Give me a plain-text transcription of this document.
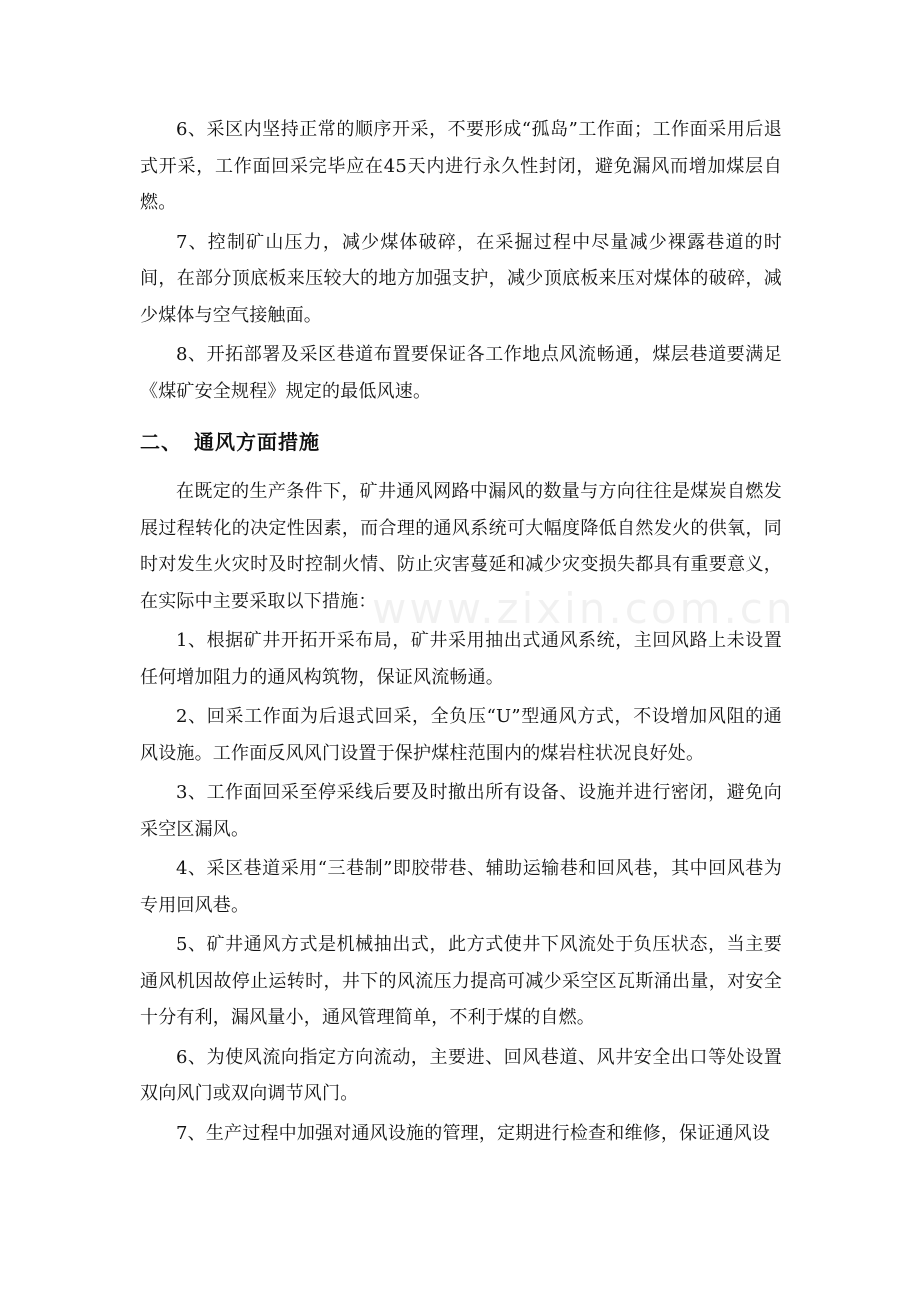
www.zixin.com.cn

6、采区内坚持正常的顺序开采，不要形成“孤岛”工作面；工作面采用后退式开采，工作面回采完毕应在45天内进行永久性封闭，避免漏风而增加煤层自燃。

7、控制矿山压力，减少煤体破碎，在采掘过程中尽量减少裸露巷道的时间，在部分顶底板来压较大的地方加强支护，减少顶底板来压对煤体的破碎，减少煤体与空气接触面。

8、开拓部署及采区巷道布置要保证各工作地点风流畅通，煤层巷道要满足《煤矿安全规程》规定的最低风速。

二、 通风方面措施

在既定的生产条件下，矿井通风网路中漏风的数量与方向往往是煤炭自燃发展过程转化的决定性因素，而合理的通风系统可大幅度降低自然发火的供氧，同时对发生火灾时及时控制火情、防止灾害蔓延和减少灾变损失都具有重要意义，在实际中主要采取以下措施：

1、根据矿井开拓开采布局，矿井采用抽出式通风系统，主回风路上未设置任何增加阻力的通风构筑物，保证风流畅通。

2、回采工作面为后退式回采，全负压“U”型通风方式，不设增加风阻的通风设施。工作面反风风门设置于保护煤柱范围内的煤岩柱状况良好处。

3、工作面回采至停采线后要及时撤出所有设备、设施并进行密闭，避免向采空区漏风。

4、采区巷道采用“三巷制”即胶带巷、辅助运输巷和回风巷，其中回风巷为专用回风巷。

5、矿井通风方式是机械抽出式，此方式使井下风流处于负压状态，当主要通风机因故停止运转时，井下的风流压力提高可减少采空区瓦斯涌出量，对安全十分有利，漏风量小，通风管理简单，不利于煤的自燃。

6、为使风流向指定方向流动，主要进、回风巷道、风井安全出口等处设置双向风门或双向调节风门。

7、生产过程中加强对通风设施的管理，定期进行检查和维修，保证通风设
